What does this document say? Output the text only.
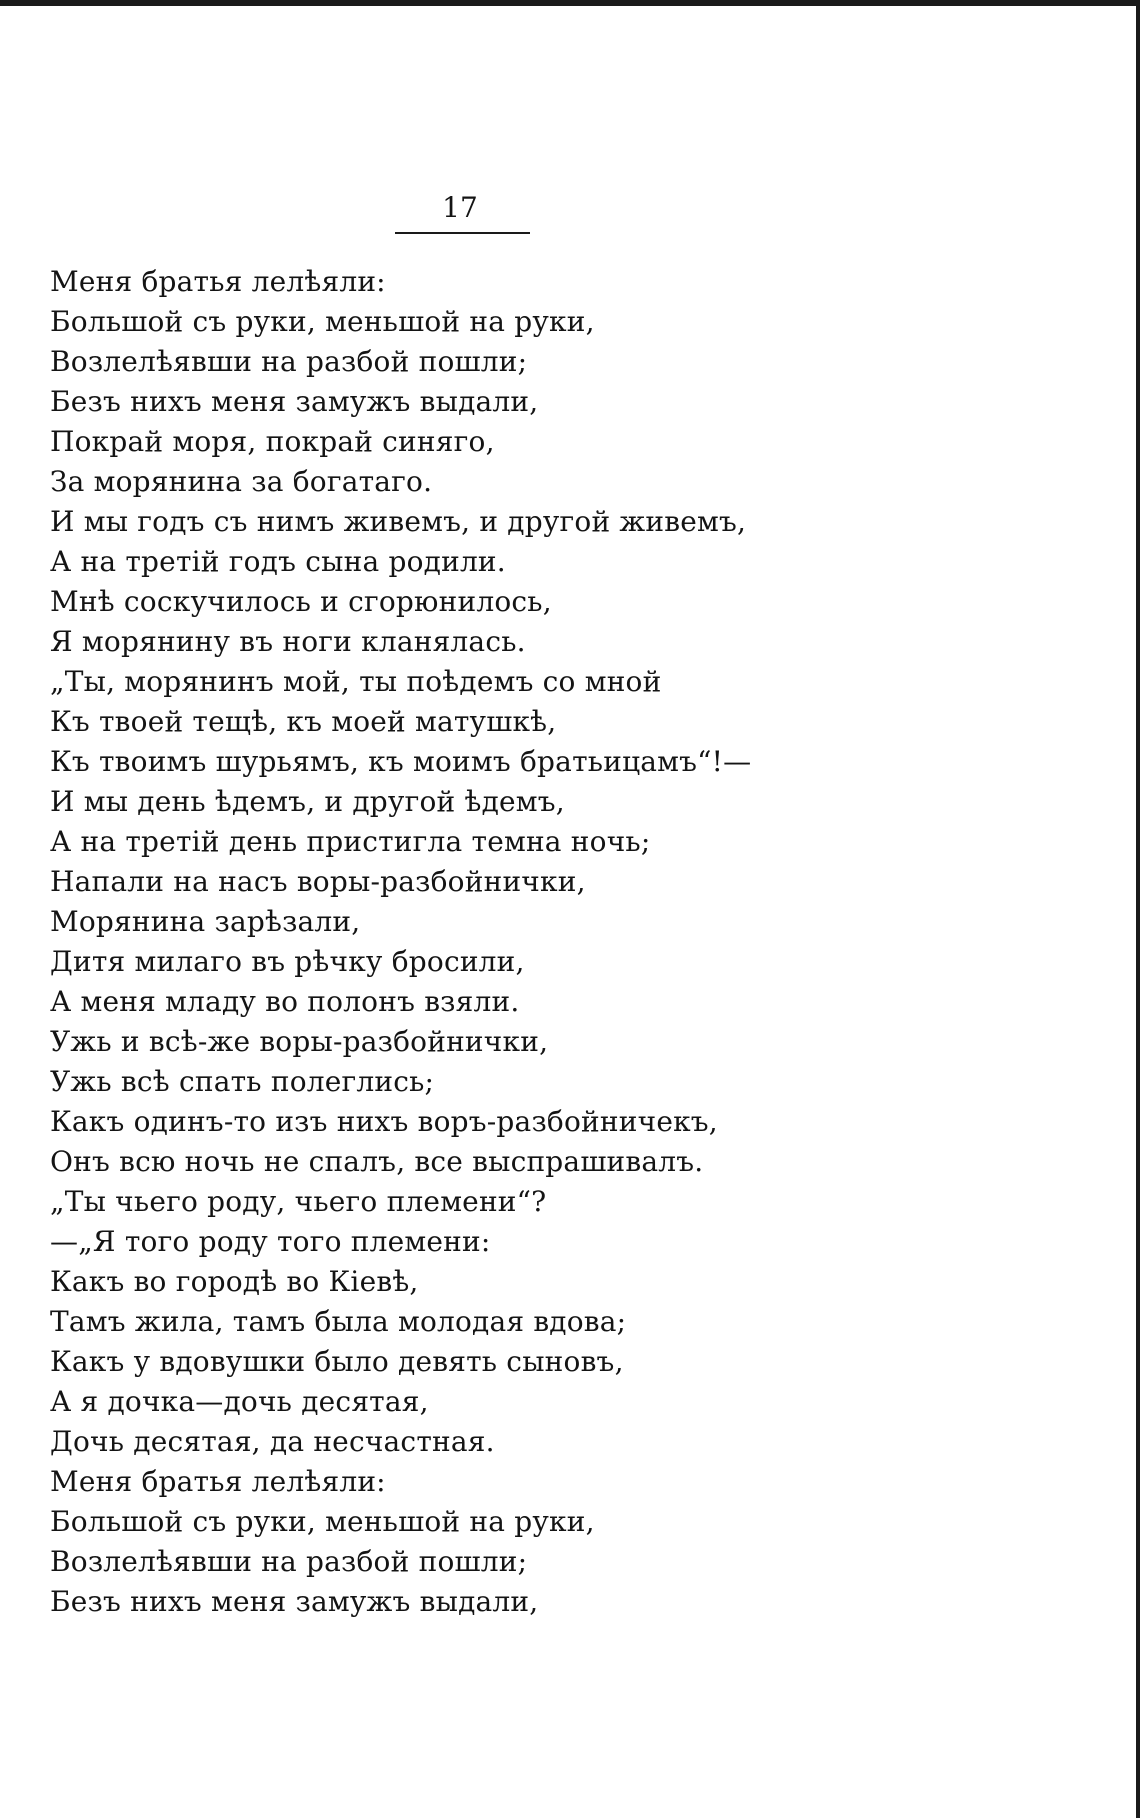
17
Меня братья лелѣяли:
Большой съ руки, меньшой на руки,
Возлелѣявши на разбой пошли;
Безъ нихъ меня замужъ выдали,
Покрай моря, покрай синяго,
За морянина за богатаго.
И мы годъ съ нимъ живемъ, и другой живемъ,
А на третій годъ сына родили.
Мнѣ соскучилось и сгорюнилось,
Я морянину въ ноги кланялась.
„Ты, морянинъ мой, ты поѣдемъ со мной
Къ твоей тещѣ, къ моей матушкѣ,
Къ твоимъ шурьямъ, къ моимъ братьицамъ“!—
И мы день ѣдемъ, и другой ѣдемъ,
А на третій день пристигла темна ночь;
Напали на насъ воры-разбойнички,
Морянина зарѣзали,
Дитя милаго въ рѣчку бросили,
А меня младу во полонъ взяли.
Ужь и всѣ-же воры-разбойнички,
Ужь всѣ спать полеглись;
Какъ одинъ-то изъ нихъ воръ-разбойничекъ,
Онъ всю ночь не спалъ, все выспрашивалъ.
„Ты чьего роду, чьего племени“?
—„Я того роду того племени:
Какъ во городѣ во Кіевѣ,
Тамъ жила, тамъ была молодая вдова;
Какъ у вдовушки было девять сыновъ,
А я дочка—дочь десятая,
Дочь десятая, да несчастная.
Меня братья лелѣяли:
Большой съ руки, меньшой на руки,
Возлелѣявши на разбой пошли;
Безъ нихъ меня замужъ выдали,
